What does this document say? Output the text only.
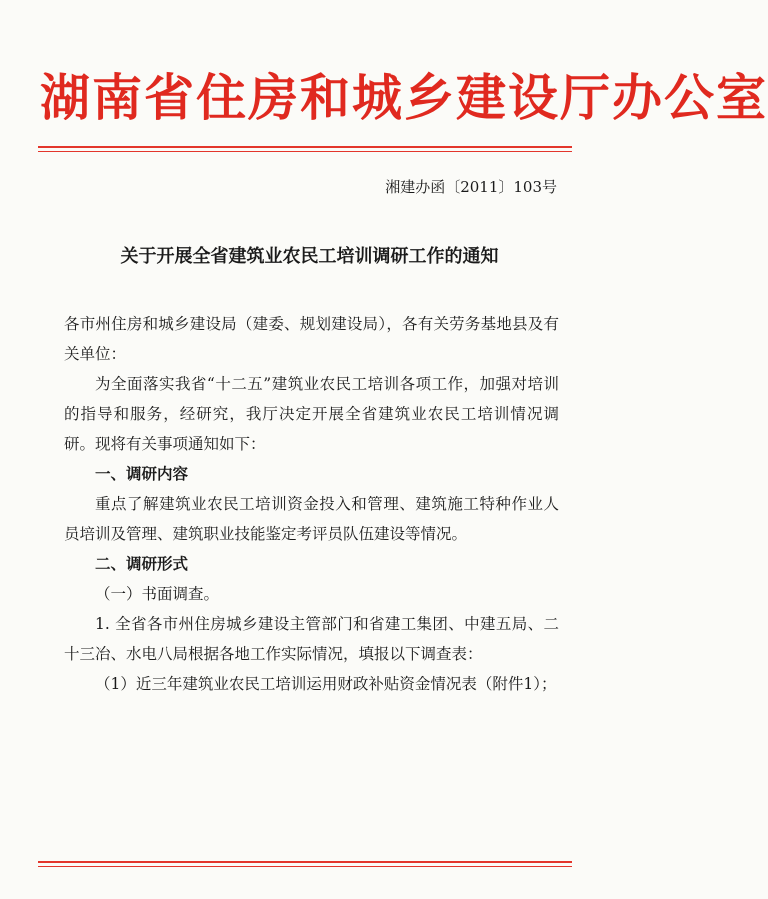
湖南省住房和城乡建设厅办公室
湘建办函〔2011〕103号
关于开展全省建筑业农民工培训调研工作的通知

各市州住房和城乡建设局（建委、规划建设局），各有关劳务基地县及有关单位：

为全面落实我省“十二五”建筑业农民工培训各项工作，加强对培训的指导和服务，经研究，我厅决定开展全省建筑业农民工培训情况调研。现将有关事项通知如下：

一、调研内容

重点了解建筑业农民工培训资金投入和管理、建筑施工特种作业人员培训及管理、建筑职业技能鉴定考评员队伍建设等情况。

二、调研形式

（一）书面调查。

1. 全省各市州住房城乡建设主管部门和省建工集团、中建五局、二十三冶、水电八局根据各地工作实际情况，填报以下调查表：

（1）近三年建筑业农民工培训运用财政补贴资金情况表（附件1）；
